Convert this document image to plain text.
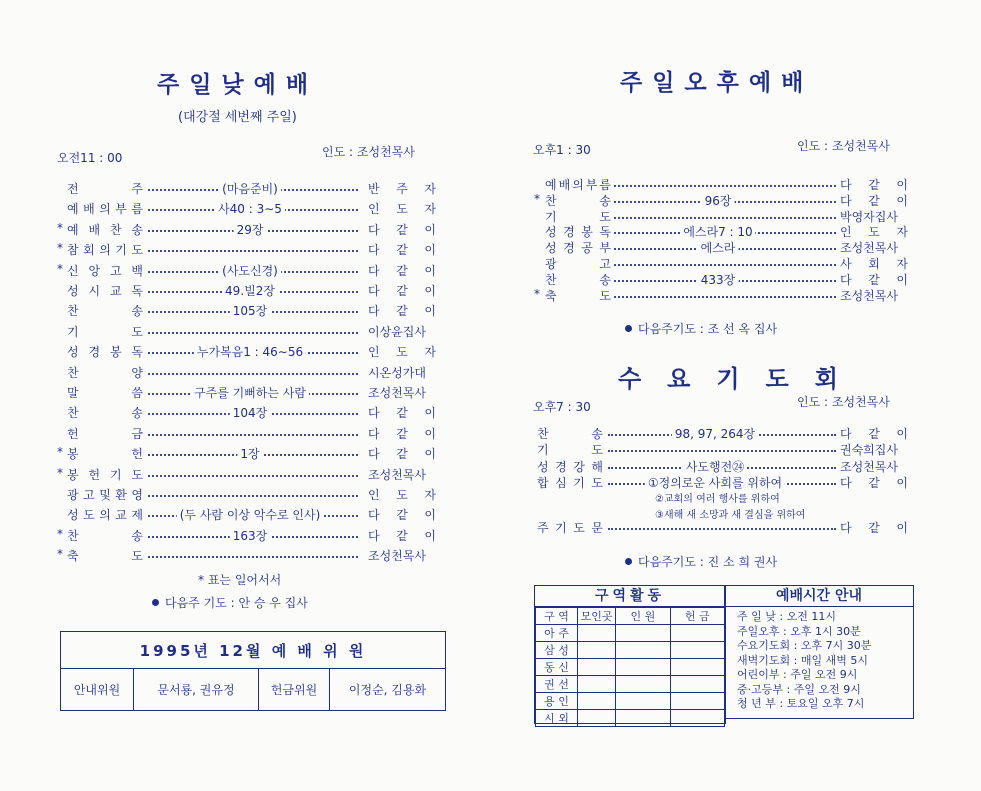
주일낮예배
(대강절 세번째 주일)
오전11 : 00	인도 : 조성천목사
전	주	(마음준비)	반 주 자
예 배 의 부 름	사40 : 3∼5	인 도 자
* 예 배 찬 송	29장	다 같 이
* 참 회 의 기 도	다 같 이
* 신 앙 고 백	(사도신경)	다 같 이
성 시 교 독	49.빌2장	다 같 이
찬	송	105장	다 같 이
기	도	이상윤집사
성 경 봉 독	누가복음1 : 46∼56	인 도 자
찬	양	시온성가대
말	씀	구주를 기뻐하는 사람	조성천목사
찬	송	104장	다 같 이
헌	금	다 같 이
* 봉	헌	1장	다 같 이
* 봉 헌 기 도	조성천목사
광 고 및 환 영	인 도 자
성 도 의 교 제	(두 사람 이상 악수로 인사)	다 같 이
* 찬	송	163장	다 같 이
* 축	도	조성천목사
* 표는 일어서서
다음주 기도 : 안 승 우 집사
1995년 12월 예 배 위 원
안내위원	문서룡, 권유정	헌금위원	이정순, 김용화
주일오후예배
오후1 : 30	인도 : 조성천목사
예 배 의 부 름	다 같 이
* 찬	송	96장	다 같 이
기	도	박영자집사
성 경 봉 독	에스라7 : 10	인 도 자
성 경 공 부	에스라	조성천목사
광	고	사 회 자
찬	송	433장	다 같 이
* 축	도	조성천목사
다음주기도 : 조 선 옥 집사
수요기도회
오후7 : 30	인도 : 조성천목사
찬	송	98, 97, 264장	다 같 이
기	도	권숙희집사
성 경 강 해	사도행전㉔	조성천목사
합 심 기 도	①정의로운 사회를 위하여	다 같 이
②교회의 여러 행사를 위하여
③새해 새 소망과 새 결심을 위하여
주 기 도 문	다 같 이
다음주기도 : 진 소 희 권사
구역활동
구 역	모인곳	인 원	헌 금
아 주			
삼 성			
동 신			
권 선			
용 인			
시 외			
예배시간 안내
주 일 낮 : 오전 11시
주일오후 : 오후 1시 30분
수요기도회 : 오후 7시 30분
새벽기도회 : 매일 새벽 5시
어린이부 : 주일 오전 9시
중·고등부 : 주일 오전 9시
청 년 부 : 토요일 오후 7시
